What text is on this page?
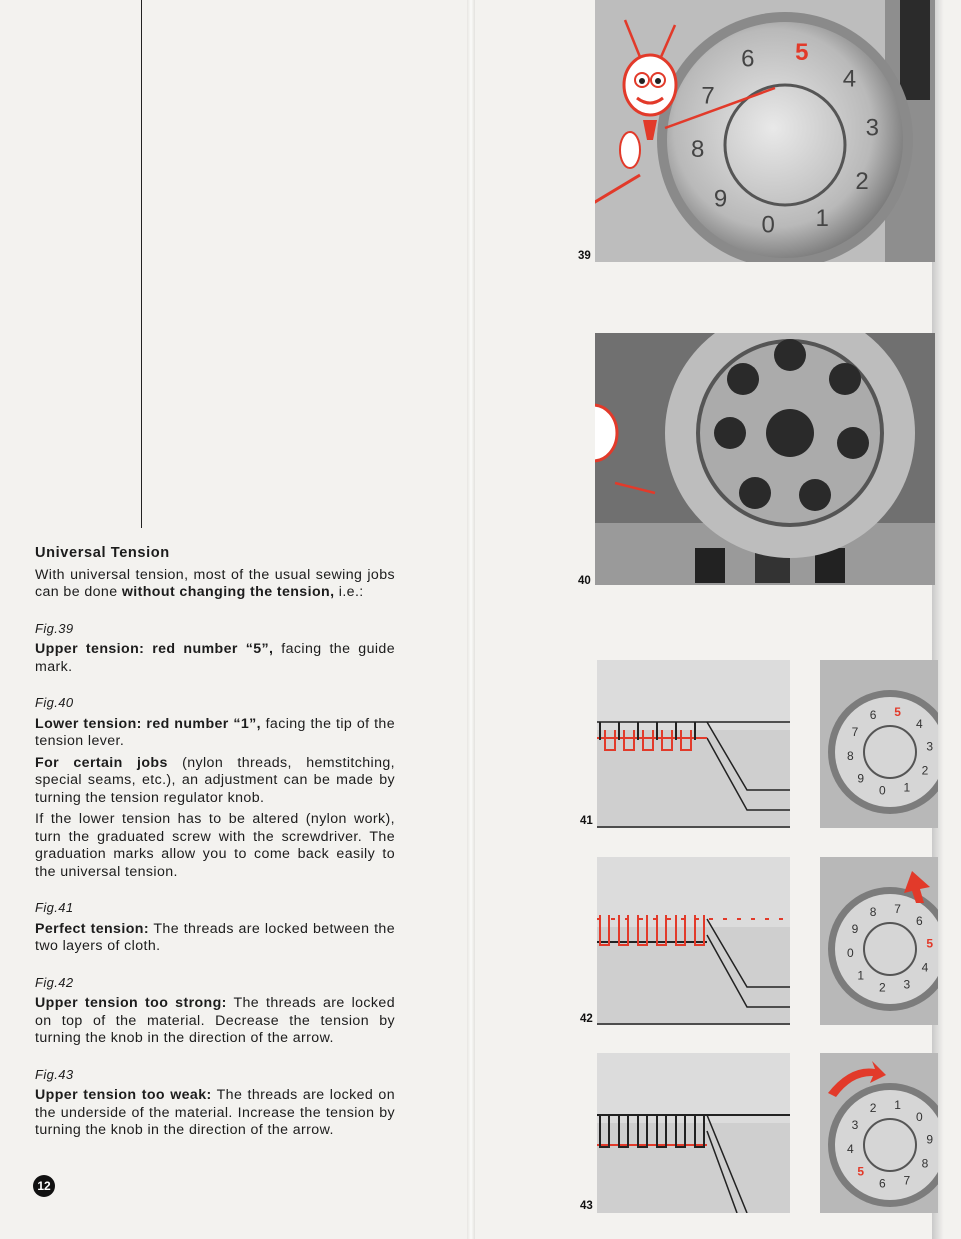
Universal Tension

With universal tension, most of the usual sewing jobs can be done without changing the tension, i.e.:

Fig.39

Upper tension: red number “5”, facing the guide mark.

Fig.40

Lower tension: red number “1”, facing the tip of the tension lever.

For certain jobs (nylon threads, hemstitching, special seams, etc.), an adjustment can be made by turning the tension regulator knob.

If the lower tension has to be altered (nylon work), turn the graduated screw with the screwdriver. The graduation marks allow you to come back easily to the universal tension.

Fig.41

Perfect tension: The threads are locked between the two layers of cloth.

Fig.42

Upper tension too strong: The threads are locked on top of the material. Decrease the tension by turning the knob in the direction of the arrow.

Fig.43

Upper tension too weak: The threads are locked on the underside of the material. Increase the tension by turning the knob in the direction of the arrow.

12
6 5
4
3
2
1
0
9
8
7
39
40
41
42
43
6 5
4
3
2
1
0
9
8
7
8 7
6
5
4
3
2
1
0
9
2 1
0
9
8
7
6
5
4
3
